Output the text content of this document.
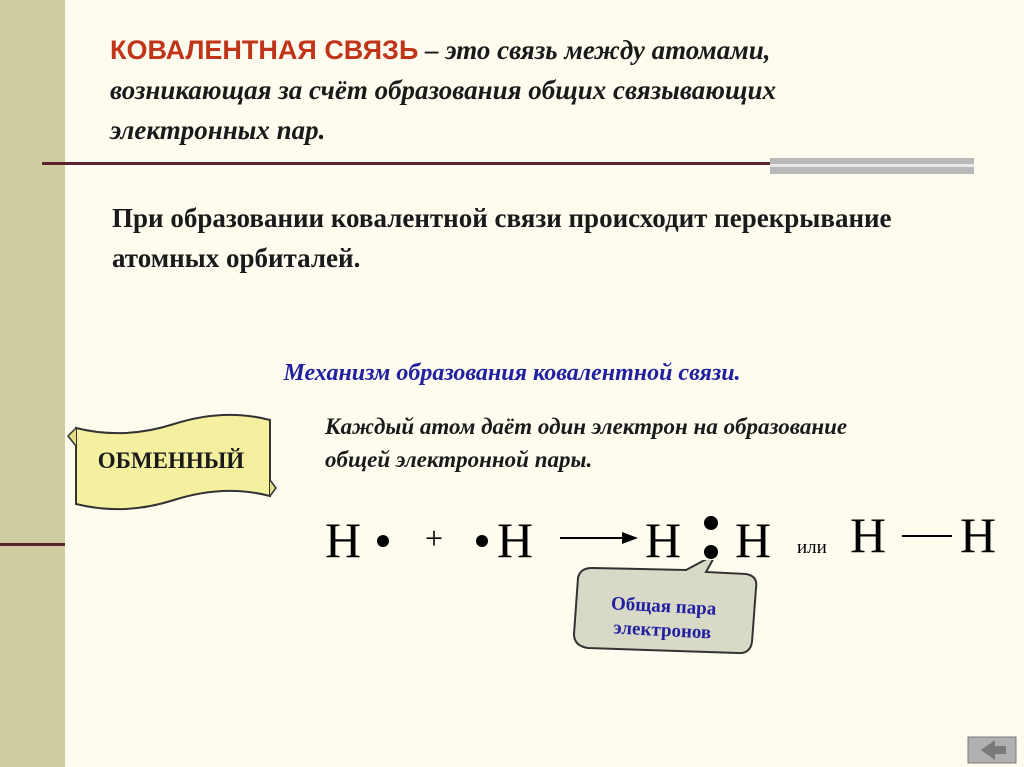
КОВАЛЕНТНАЯ СВЯЗЬ – это связь между атомами, возникающая за счёт образования общих связывающих электронных пар.
При образовании ковалентной связи происходит перекрывание атомных орбиталей.
Механизм образования ковалентной связи.
ОБМЕННЫЙ
Каждый атом даёт один электрон на образование общей электронной пары.
H + H H H или H H
Общая пара электронов
